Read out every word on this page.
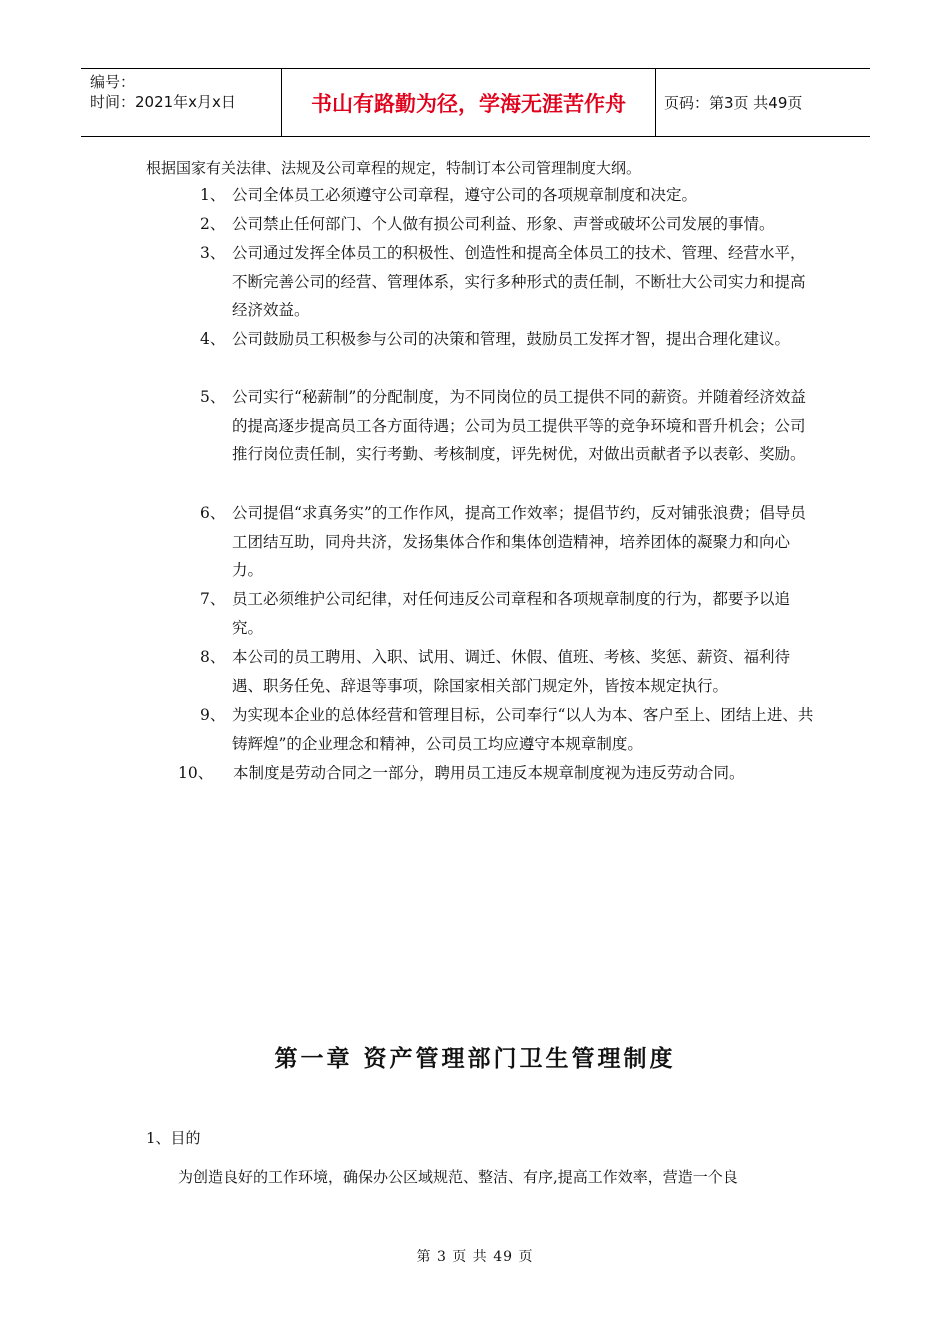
编号：
时间：2021年x月x日	书山有路勤为径，学海无涯苦作舟	页码：第3页 共49页
根据国家有关法律、法规及公司章程的规定，特制订本公司管理制度大纲。
1、 公司全体员工必须遵守公司章程，遵守公司的各项规章制度和决定。
2、 公司禁止任何部门、个人做有损公司利益、形象、声誉或破坏公司发展的事情。
3、 公司通过发挥全体员工的积极性、创造性和提高全体员工的技术、管理、经营水平，不断完善公司的经营、管理体系，实行多种形式的责任制，不断壮大公司实力和提高经济效益。
4、 公司鼓励员工积极参与公司的决策和管理，鼓励员工发挥才智，提出合理化建议。
5、 公司实行“秘薪制”的分配制度，为不同岗位的员工提供不同的薪资。并随着经济效益的提高逐步提高员工各方面待遇；公司为员工提供平等的竞争环境和晋升机会；公司推行岗位责任制，实行考勤、考核制度，评先树优，对做出贡献者予以表彰、奖励。
6、 公司提倡“求真务实”的工作作风，提高工作效率；提倡节约，反对铺张浪费；倡导员工团结互助，同舟共济，发扬集体合作和集体创造精神，培养团体的凝聚力和向心力。
7、 员工必须维护公司纪律，对任何违反公司章程和各项规章制度的行为，都要予以追究。
8、 本公司的员工聘用、入职、试用、调迁、休假、值班、考核、奖惩、薪资、福利待遇、职务任免、辞退等事项，除国家相关部门规定外，皆按本规定执行。
9、 为实现本企业的总体经营和管理目标，公司奉行“以人为本、客户至上、团结上进、共铸辉煌”的企业理念和精神，公司员工均应遵守本规章制度。
10、	本制度是劳动合同之一部分，聘用员工违反本规章制度视为违反劳动合同。
第一章 资产管理部门卫生管理制度
1、目的
为创造良好的工作环境，确保办公区域规范、整洁、有序,提高工作效率，营造一个良
第 3 页 共 49 页
